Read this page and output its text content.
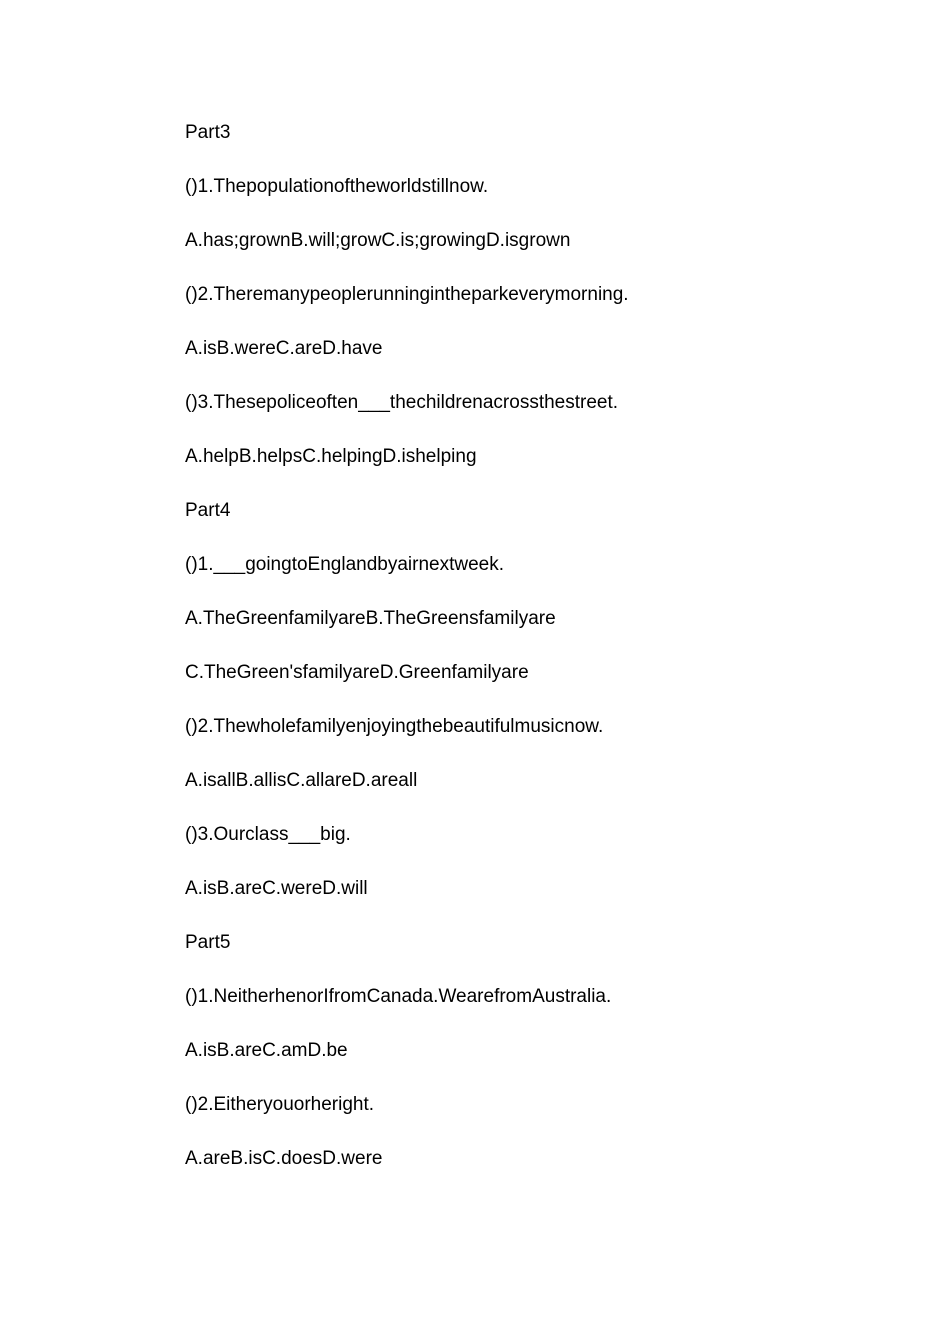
Part3
()1.Thepopulationoftheworldstillnow.
A.has;grownB.will;growC.is;growingD.isgrown
()2.Theremanypeoplerunningintheparkeverymorning.
A.isB.wereC.areD.have
()3.Thesepoliceoften___thechildrenacrossthestreet.
A.helpB.helpsC.helpingD.ishelping
Part4
()1.___goingtoEnglandbyairnextweek.
A.TheGreenfamilyareB.TheGreensfamilyare
C.TheGreen'sfamilyareD.Greenfamilyare
()2.Thewholefamilyenjoyingthebeautifulmusicnow.
A.isallB.allisC.allareD.areall
()3.Ourclass___big.
A.isB.areC.wereD.will
Part5
()1.NeitherhenorIfromCanada.WearefromAustralia.
A.isB.areC.amD.be
()2.Eitheryouorheright.
A.areB.isC.doesD.were
